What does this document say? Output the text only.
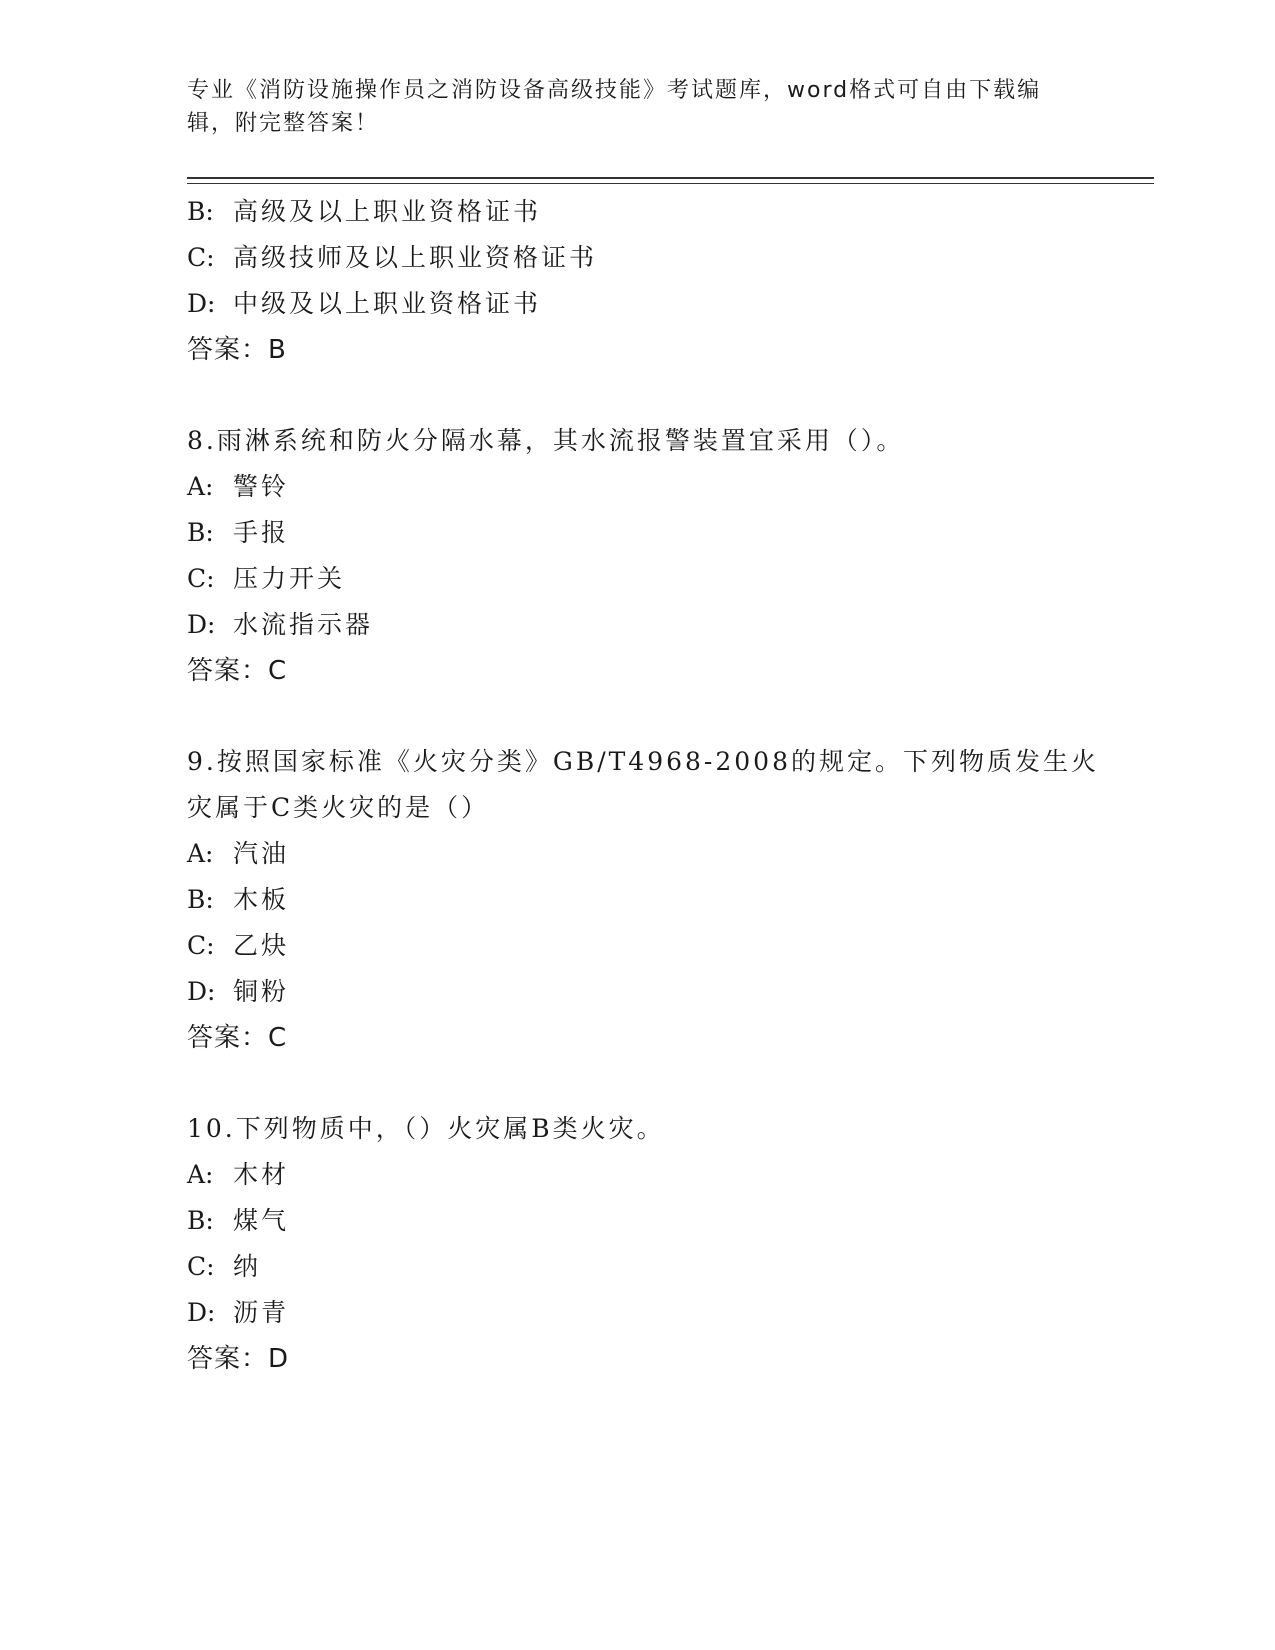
专业《消防设施操作员之消防设备高级技能》考试题库，word格式可自由下载编辑，附完整答案！
B: 高级及以上职业资格证书
C: 高级技师及以上职业资格证书
D: 中级及以上职业资格证书
答案：B
8.雨淋系统和防火分隔水幕，其水流报警装置宜采用（）。
A: 警铃
B: 手报
C: 压力开关
D: 水流指示器
答案：C
9.按照国家标准《火灾分类》GB/T4968-2008的规定。下列物质发生火
灾属于C类火灾的是（）
A: 汽油
B: 木板
C: 乙炔
D: 铜粉
答案：C
10.下列物质中，（）火灾属B类火灾。
A: 木材
B: 煤气
C: 纳
D: 沥青
答案：D
